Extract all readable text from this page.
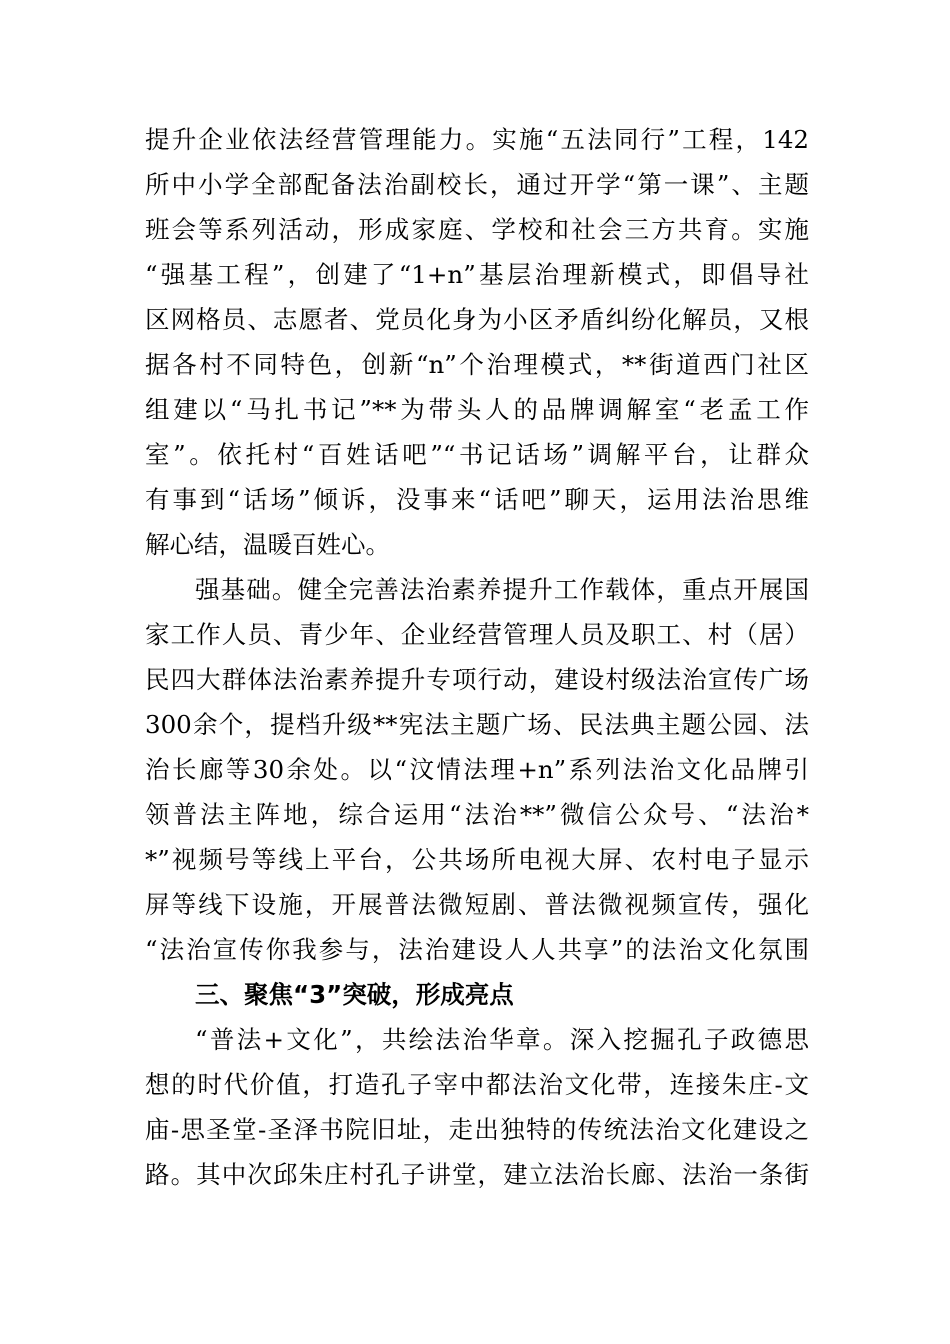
提升企业依法经营管理能力。实施“五法同行”工程，142
所中小学全部配备法治副校长，通过开学“第一课”、主题
班会等系列活动，形成家庭、学校和社会三方共育。实施
“强基工程”，创建了“1+n”基层治理新模式，即倡导社
区网格员、志愿者、党员化身为小区矛盾纠纷化解员，又根
据各村不同特色，创新“n”个治理模式，**街道西门社区
组建以“马扎书记”**为带头人的品牌调解室“老孟工作
室”。依托村“百姓话吧”“书记话场”调解平台，让群众
有事到“话场”倾诉，没事来“话吧”聊天，运用法治思维
解心结，温暖百姓心。
强基础。健全完善法治素养提升工作载体，重点开展国
家工作人员、青少年、企业经营管理人员及职工、村（居）
民四大群体法治素养提升专项行动，建设村级法治宣传广场
300余个，提档升级**宪法主题广场、民法典主题公园、法
治长廊等30余处。以“汶情法理+n”系列法治文化品牌引
领普法主阵地，综合运用“法治**”微信公众号、“法治*
*”视频号等线上平台，公共场所电视大屏、农村电子显示
屏等线下设施，开展普法微短剧、普法微视频宣传，强化
“法治宣传你我参与，法治建设人人共享”的法治文化氛围
三、聚焦“3”突破，形成亮点
“普法+文化”，共绘法治华章。深入挖掘孔子政德思
想的时代价值，打造孔子宰中都法治文化带，连接朱庄-文
庙-思圣堂-圣泽书院旧址，走出独特的传统法治文化建设之
路。其中次邱朱庄村孔子讲堂，建立法治长廊、法治一条街
